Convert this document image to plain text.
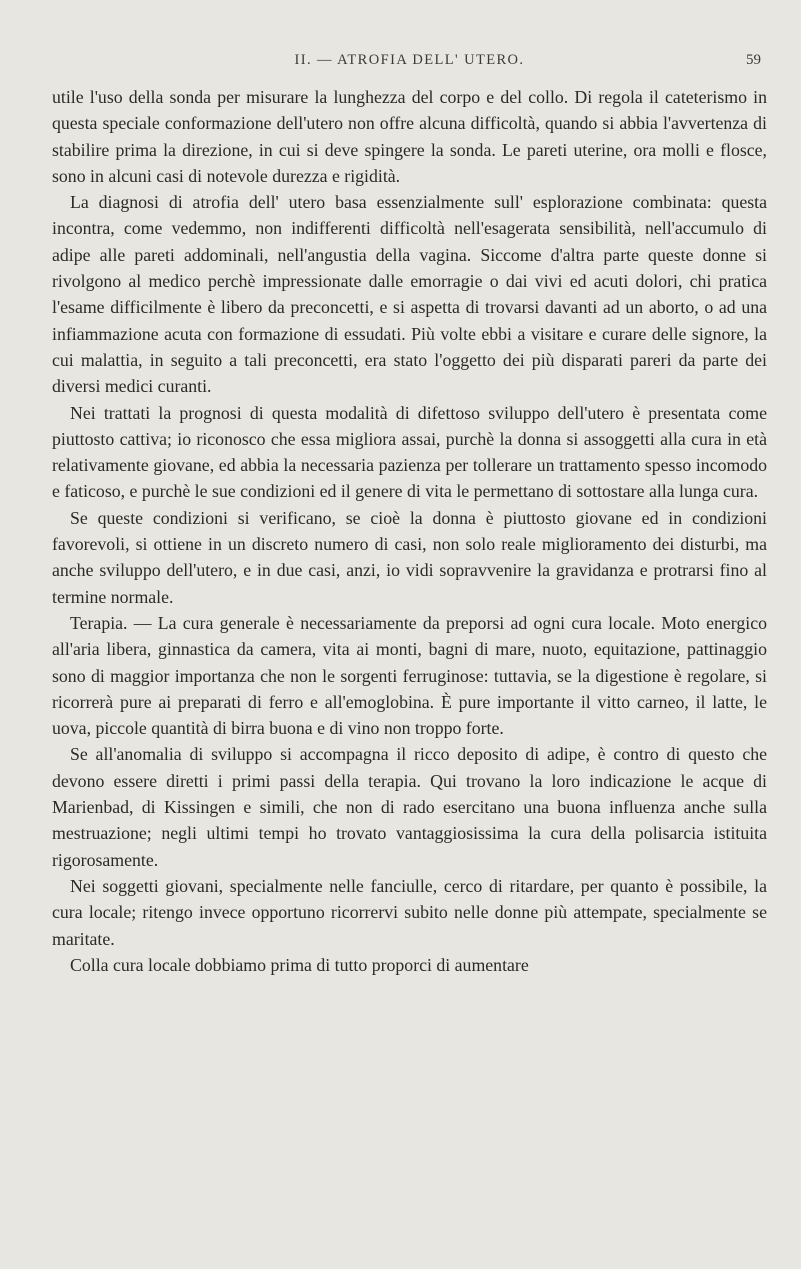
II. — ATROFIA DELL' UTERO.	59

utile l'uso della sonda per misurare la lunghezza del corpo e del collo. Di regola il cateterismo in questa speciale conformazione dell'utero non offre alcuna difficoltà, quando si abbia l'avvertenza di stabilire prima la direzione, in cui si deve spingere la sonda. Le pareti uterine, ora molli e flosce, sono in alcuni casi di notevole durezza e rigidità.

La diagnosi di atrofia dell' utero basa essenzialmente sull' esplorazione combinata: questa incontra, come vedemmo, non indifferenti difficoltà nell'esagerata sensibilità, nell'accumulo di adipe alle pareti addominali, nell'angustia della vagina. Siccome d'altra parte queste donne si rivolgono al medico perchè impressionate dalle emorragie o dai vivi ed acuti dolori, chi pratica l'esame difficilmente è libero da preconcetti, e si aspetta di trovarsi davanti ad un aborto, o ad una infiammazione acuta con formazione di essudati. Più volte ebbi a visitare e curare delle signore, la cui malattia, in seguito a tali preconcetti, era stato l'oggetto dei più disparati pareri da parte dei diversi medici curanti.

Nei trattati la prognosi di questa modalità di difettoso sviluppo dell'utero è presentata come piuttosto cattiva; io riconosco che essa migliora assai, purchè la donna si assoggetti alla cura in età relativamente giovane, ed abbia la necessaria pazienza per tollerare un trattamento spesso incomodo e faticoso, e purchè le sue condizioni ed il genere di vita le permettano di sottostare alla lunga cura.

Se queste condizioni si verificano, se cioè la donna è piuttosto giovane ed in condizioni favorevoli, si ottiene in un discreto numero di casi, non solo reale miglioramento dei disturbi, ma anche sviluppo dell'utero, e in due casi, anzi, io vidi sopravvenire la gravidanza e protrarsi fino al termine normale.

Terapia. — La cura generale è necessariamente da preporsi ad ogni cura locale. Moto energico all'aria libera, ginnastica da camera, vita ai monti, bagni di mare, nuoto, equitazione, pattinaggio sono di maggior importanza che non le sorgenti ferruginose: tuttavia, se la digestione è regolare, si ricorrerà pure ai preparati di ferro e all'emoglobina. È pure importante il vitto carneo, il latte, le uova, piccole quantità di birra buona e di vino non troppo forte.

Se all'anomalia di sviluppo si accompagna il ricco deposito di adipe, è contro di questo che devono essere diretti i primi passi della terapia. Qui trovano la loro indicazione le acque di Marienbad, di Kissingen e simili, che non di rado esercitano una buona influenza anche sulla mestruazione; negli ultimi tempi ho trovato vantaggiosissima la cura della polisarcia istituita rigorosamente.

Nei soggetti giovani, specialmente nelle fanciulle, cerco di ritardare, per quanto è possibile, la cura locale; ritengo invece opportuno ricorrervi subito nelle donne più attempate, specialmente se maritate.

Colla cura locale dobbiamo prima di tutto proporci di aumentare
